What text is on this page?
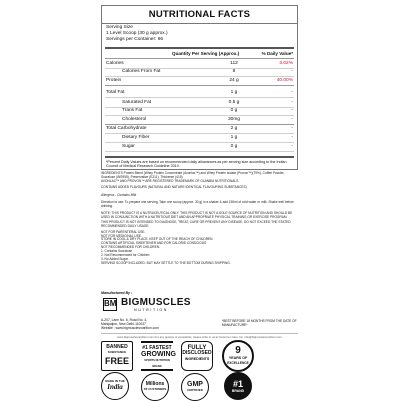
NUTRITIONAL FACTS
Serving Size
1 Level Scoop (30 g approx.)
Servings per Container: 66
Quantity Per Serving (Approx.)	% Daily Value*
Calories	112	3.02%
Calories From Fat	8	-
Protein	24 g	40.00%
Total Fat	1 g	-
Saturated Fat	0.5 g	-
Trans Fat	0 g	-
Cholesterol	30mg	-
Total Carbohydrate	2 g	-
Dietary Fiber	1 g	-
Sugar	0 g	-
*Percent Daily Values are based on recommended daily allowances as per serving size according to the Indian Council of Medical Research Guideline 2010.
INGREDIENTS Protein Blend (Whey Protein Concentrate (Avonlac™) and Whey Protein Isolate (Provon™)(79%), Coffee Powder, Sucralose (INS955), Preservative (E211), Thickener (415).
AVONLAC™ AND PROVON™ ARE REGISTERED TRADEMARK OF GLANBIA NUTRITIONALS.
CONTAINS ADDED FLAVOURS (NATURAL AND NATURE IDENTICAL FLAVOURING SUBSTANCES)
Allergens - Contains Milk
Direction to use: To prepare one serving, Take one scoop (approx. 30 g) in a shaker & add 150ml of cold water or milk. Shake well before drinking.
NOTE: THIS PRODUCT IS A NUTRACEUTICAL ONLY. THIS PRODUCT IS NOT A SOLE SOURCE OF NUTRITION AND SHOULD BE USED IN CONJUNCTION WITH A NUTRITIOUS DIET AND AN APPROPRIATE PHYSICAL TRAINING OR EXERCISE PROGRAM.
THIS PRODUCT IS NOT INTENDED TO DIAGNOSE, TREAT, CURE OR PREVENT ANY DISEASE. DO NOT EXCEED THE STATED RECOMMENDED DAILY USAGE.
NOT FOR PARENTERAL USE.
NOT FOR MEDICINAL USE.
STORE IN COOL & DRY PLACE. KEEP OUT OF THE REACH OF CHILDREN.
CONTAINS ARTIFICIAL SWEETENER AND FOR CALORIE CONSCIOUS
NOT RECOMMENDED FOR CHILDREN.
1. Contains Sucralose
2. Not Recommended for Children
3. No Added Sugar
SERVING SCOOP INCLUDED. BUT MAY SETTLE TO THE BOTTOM DURING SHIPPING.
Manufactured By :
BM BIGMUSCLES
NUTRITION
A-207, Lane No. 6, Road No. 4,
Mahipalpur, New Delhi-110037
Website : www.bigmusclesnutrition.com
*BEST BEFORE 18 MONTHS FROM THE DATE OF MANUFACTURE*
www.bigmusclesnutrition.com For any queries or complaints, please write to us at Customer Care, Inc. info@bigmusclesnutrition.com
BANNED
SUBSTANCE
FREE
#1 FASTEST
GROWING
SPORTS NUTRITION BRAND
FULLY
DISCLOSED
INGREDIENTS
9
YEARS OF
EXCELLENCE
MADE IN THE
India	Millions
OF CUSTOMERS
GMP
CERTIFIED
#1
BRAND
